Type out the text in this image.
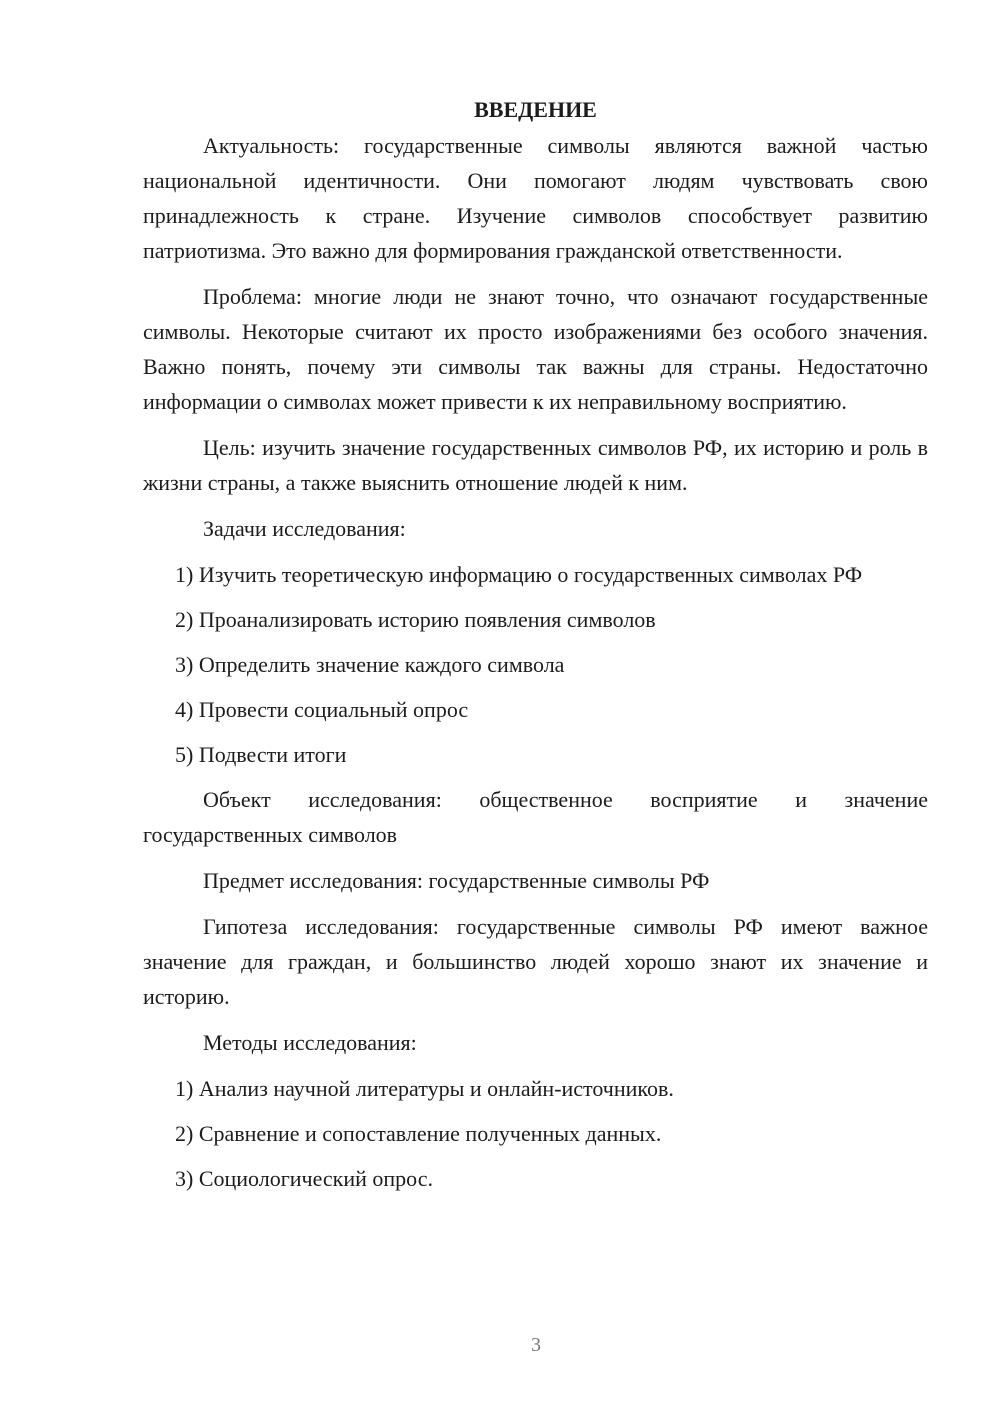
ВВЕДЕНИЕ

Актуальность: государственные символы являются важной частью национальной идентичности. Они помогают людям чувствовать свою принадлежность к стране. Изучение символов способствует развитию патриотизма. Это важно для формирования гражданской ответственности.

Проблема: многие люди не знают точно, что означают государственные символы. Некоторые считают их просто изображениями без особого значения. Важно понять, почему эти символы так важны для страны. Недостаточно информации о символах может привести к их неправильному восприятию.

Цель: изучить значение государственных символов РФ, их историю и роль в жизни страны, а также выяснить отношение людей к ним.

Задачи исследования:

1) Изучить теоретическую информацию о государственных символах РФ

2) Проанализировать историю появления символов

3) Определить значение каждого символа

4) Провести социальный опрос

5) Подвести итоги

Объект исследования: общественное восприятие и значение государственных символов

Предмет исследования: государственные символы РФ

Гипотеза исследования: государственные символы РФ имеют важное значение для граждан, и большинство людей хорошо знают их значение и историю.

Методы исследования:

1) Анализ научной литературы и онлайн-источников.

2) Сравнение и сопоставление полученных данных.

3) Социологический опрос.

3
